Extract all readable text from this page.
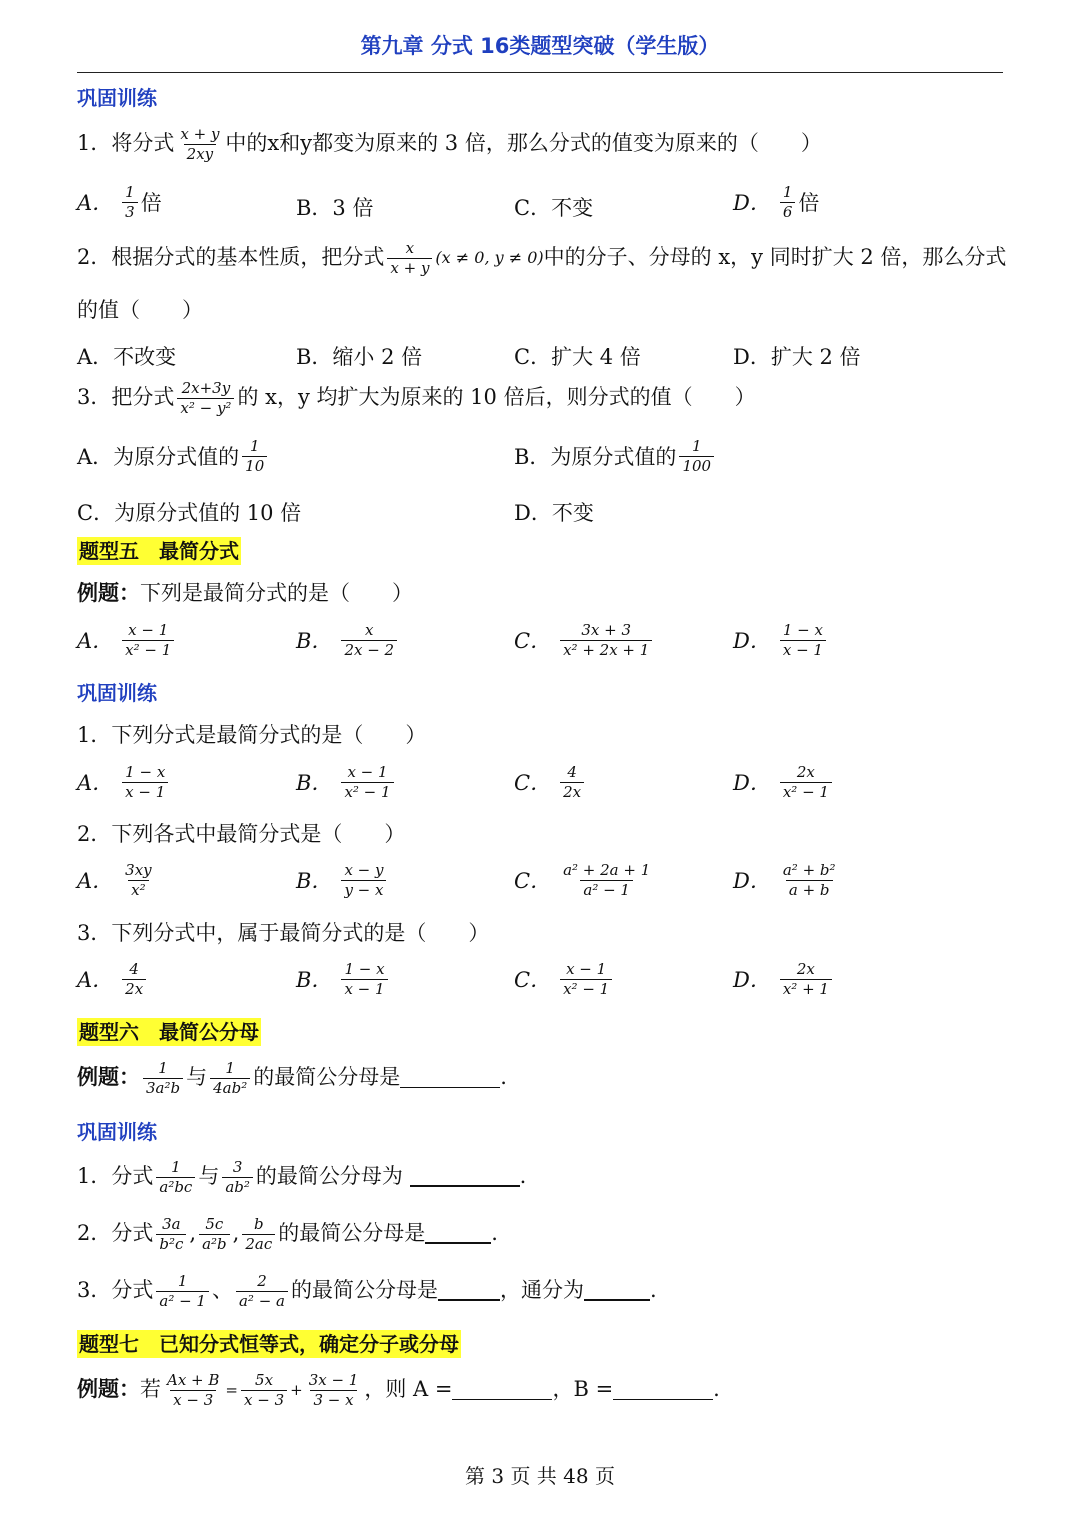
第九章 分式 16类题型突破（学生版）
巩固训练
1．将分式 x + y
2xy 中的x和y都变为原来的 3 倍，那么分式的值变为原来的（　　）
A． 1
3 倍	B．3 倍	C．不变	D． 1
6 倍
2．根据分式的基本性质，把分式 x
x + y
(x ≠ 0, y ≠ 0) 中的分子、分母的 x，y 同时扩大 2 倍，那么分式
的值（　　）
A．不改变	B．缩小 2 倍	C．扩大 4 倍	D．扩大 2 倍
3．把分式 2x+3y
x² − y² 的 x，y 均扩大为原来的 10 倍后，则分式的值（　　）
A．为原分式值的 1
10	B．为原分式值的 1
100
C．为原分式值的 10 倍	D．不变
题型五　最简分式
例题： 下列是最简分式的是（　　）
A． x − 1
x² − 1	B． x
2x − 2	C． 3x + 3
x² + 2x + 1	D． 1 − x
x − 1
巩固训练
1．下列分式是最简分式的是（　　）
A． 1 − x
x − 1	B． x − 1
x² − 1	C． 4
2x	D． 2x
x² − 1
2．下列各式中最简分式是（　　）
A． 3xy
x²	B． x − y
y − x	C． a² + 2a + 1
a² − 1	D． a² + b²
a + b
3．下列分式中，属于最简分式的是（　　）
A． 4
2x	B． 1 − x
x − 1	C． x − 1
x² − 1	D． 2x
x² + 1
题型六　最简公分母
例题： 1
3a²b 与 1
4ab² 的最简公分母是	.
巩固训练
1．分式 1
a²bc 与 3
ab² 的最简公分母为
	.
2．分式 3a
b²c , 5c
a²b , b
2ac 的最简公分母是	.
3．分式 1
a² − 1 、 2
a² − a 的最简公分母是	，通分为	.
题型七　已知分式恒等式，确定分子或分母
例题： 若 $\frac{Ax + B}{x - 3} = \frac{5x}{x - 3} + \frac{3x - 1}{3 - x}$ ，则 A =	，B =	.
第 3 页 共 48 页
